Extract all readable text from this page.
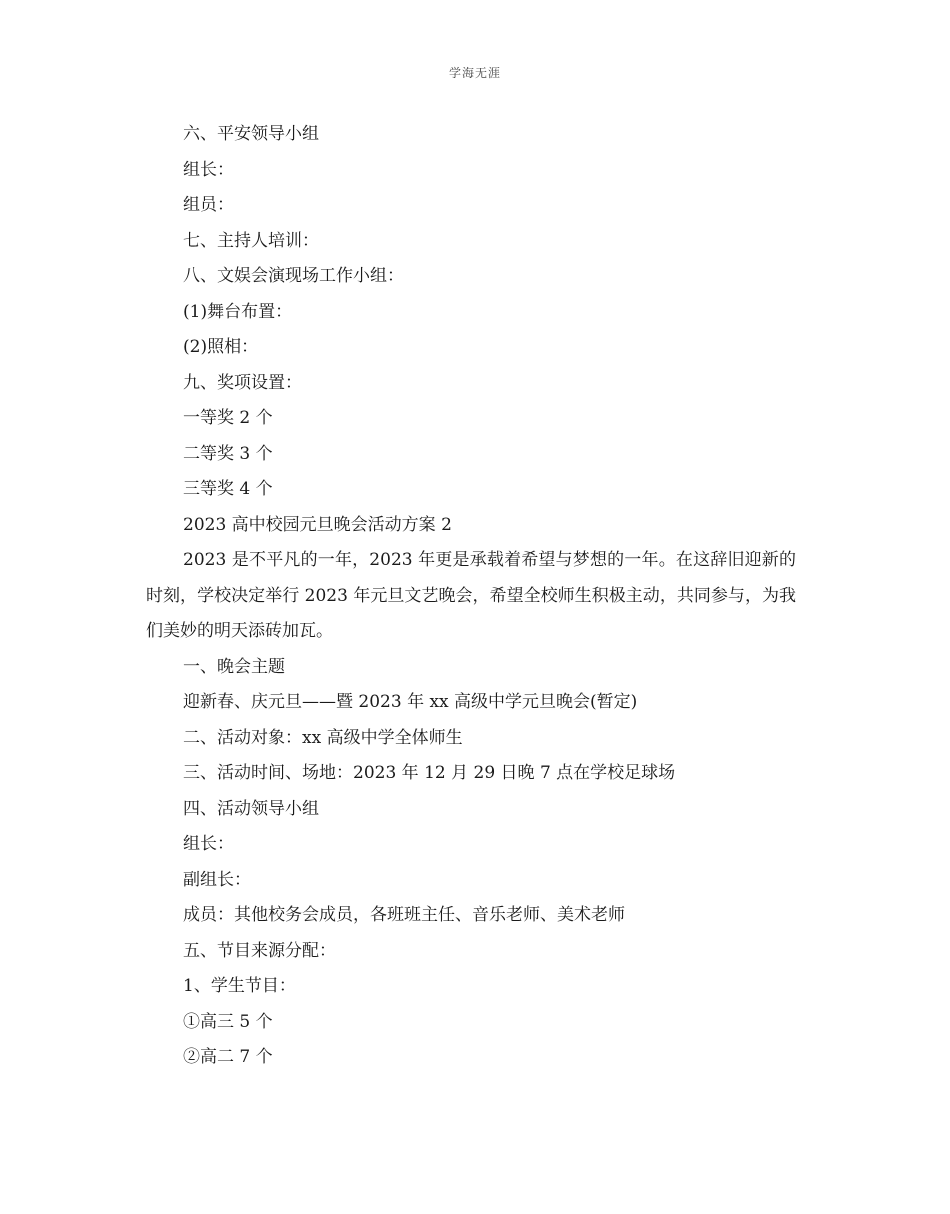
学海无涯

六、平安领导小组

组长：

组员：

七、主持人培训：

八、文娱会演现场工作小组：

(1)舞台布置：

(2)照相：

九、奖项设置：

一等奖 2 个

二等奖 3 个

三等奖 4 个

2023 高中校园元旦晚会活动方案 2

2023 是不平凡的一年，2023 年更是承载着希望与梦想的一年。在这辞旧迎新的时刻，学校决定举行 2023 年元旦文艺晚会，希望全校师生积极主动，共同参与，为我们美妙的明天添砖加瓦。

一、晚会主题

迎新春、庆元旦——暨 2023 年 xx 高级中学元旦晚会(暂定)

二、活动对象：xx 高级中学全体师生

三、活动时间、场地：2023 年 12 月 29 日晚 7 点在学校足球场

四、活动领导小组

组长：

副组长：

成员：其他校务会成员，各班班主任、音乐老师、美术老师

五、节目来源分配：

1、学生节目：

①高三 5 个

②高二 7 个
